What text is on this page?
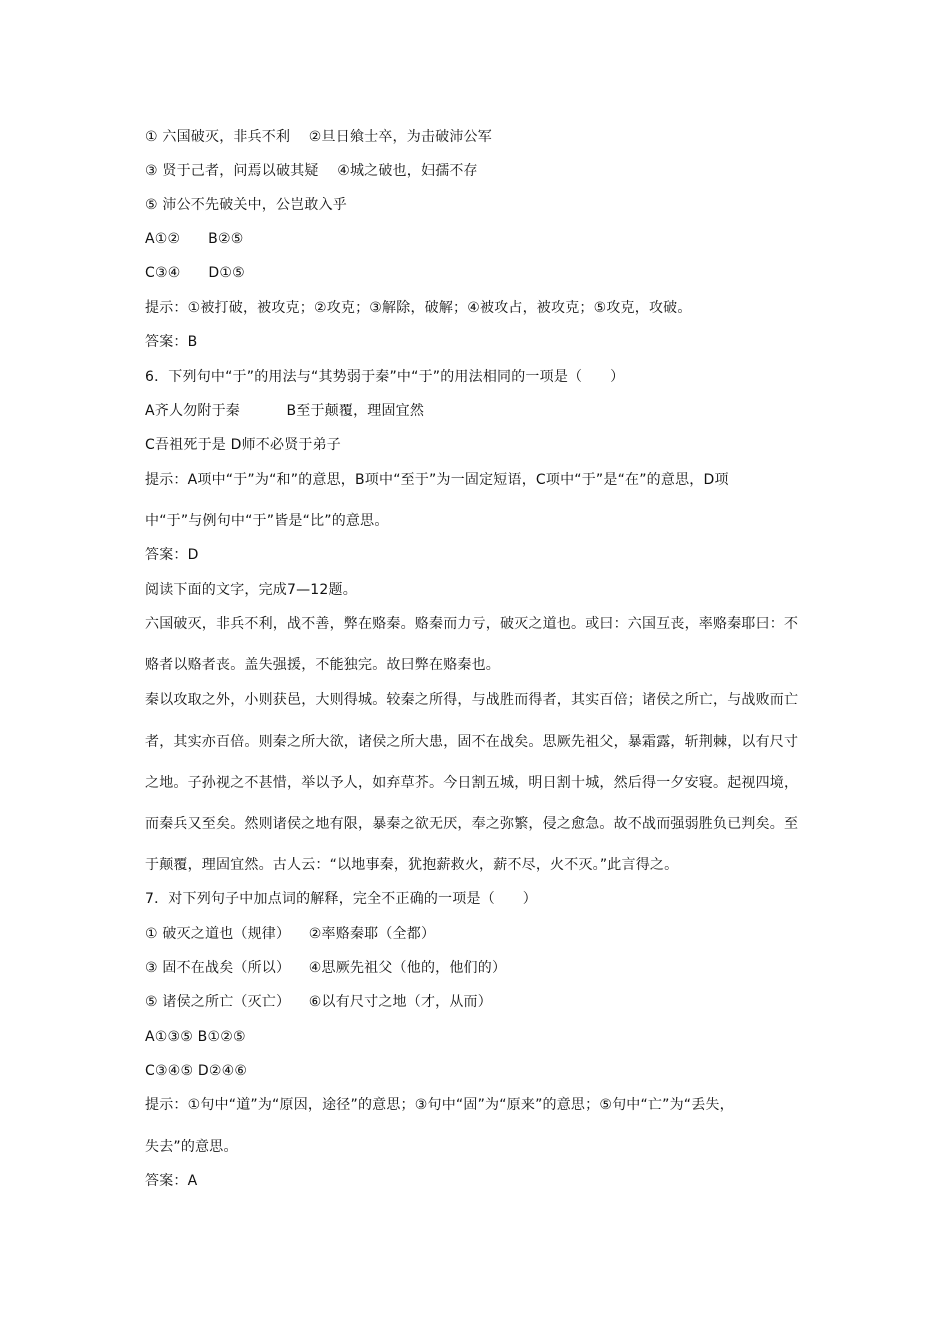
① 六国破灭，非兵不利    ②旦日飨士卒，为击破沛公军
③ 贤于己者，问焉以破其疑    ④城之破也，妇孺不存
⑤ 沛公不先破关中，公岂敢入乎
A①②      B②⑤
C③④      D①⑤
提示：①被打破，被攻克；②攻克；③解除，破解；④被攻占，被攻克；⑤攻克，攻破。
答案：B
6．下列句中“于”的用法与“其势弱于秦”中“于”的用法相同的一项是（      ）
A齐人勿附于秦          B至于颠覆，理固宜然
C吾祖死于是 D师不必贤于弟子
提示：A项中“于”为“和”的意思，B项中“至于”为一固定短语，C项中“于”是“在”的意思，D项
中“于”与例句中“于”皆是“比”的意思。
答案：D
阅读下面的文字，完成7—12题。
六国破灭，非兵不利，战不善，弊在赂秦。赂秦而力亏，破灭之道也。或曰：六国互丧，率赂秦耶曰：不
赂者以赂者丧。盖失强援，不能独完。故曰弊在赂秦也。
秦以攻取之外，小则获邑，大则得城。较秦之所得，与战胜而得者，其实百倍；诸侯之所亡，与战败而亡
者，其实亦百倍。则秦之所大欲，诸侯之所大患，固不在战矣。思厥先祖父，暴霜露，斩荆棘，以有尺寸
之地。子孙视之不甚惜，举以予人，如弃草芥。今日割五城，明日割十城，然后得一夕安寝。起视四境，
而秦兵又至矣。然则诸侯之地有限，暴秦之欲无厌，奉之弥繁，侵之愈急。故不战而强弱胜负已判矣。至
于颠覆，理固宜然。古人云：“以地事秦，犹抱薪救火，薪不尽，火不灭。”此言得之。
7．对下列句子中加点词的解释，完全不正确的一项是（      ）
① 破灭之道也（规律）    ②率赂秦耶（全都）
③ 固不在战矣（所以）    ④思厥先祖父（他的，他们的）
⑤ 诸侯之所亡（灭亡）    ⑥以有尺寸之地（才，从而）
A①③⑤ B①②⑤
C③④⑤ D②④⑥
提示：①句中“道”为“原因，途径”的意思；③句中“固”为“原来”的意思；⑤句中“亡”为“丢失，
失去”的意思。
答案：A
